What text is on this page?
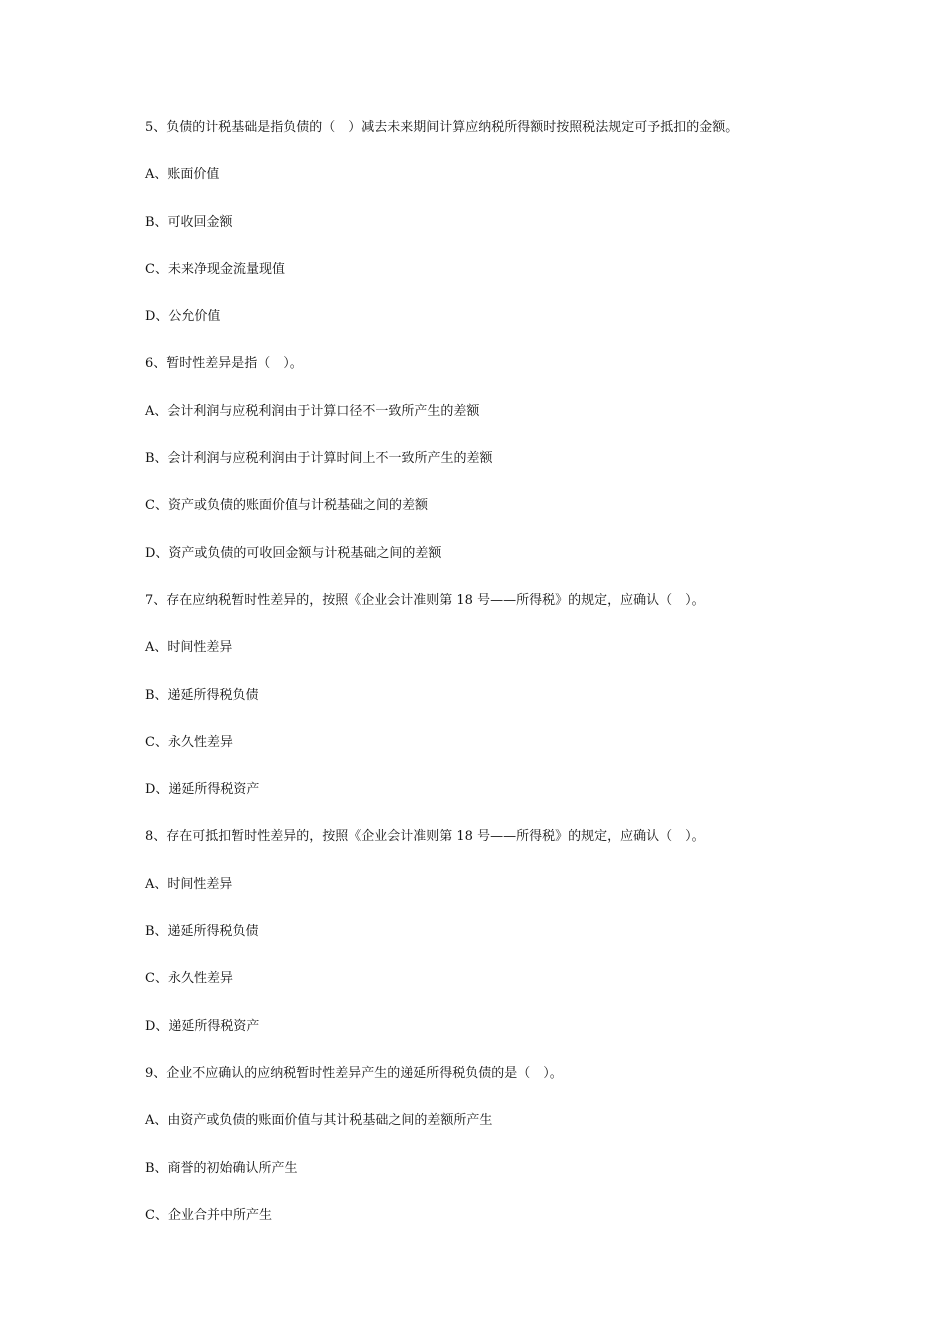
5、负债的计税基础是指负债的（　）减去未来期间计算应纳税所得额时按照税法规定可予抵扣的金额。
A、账面价值
B、可收回金额
C、未来净现金流量现值
D、公允价值
6、暂时性差异是指（　）。
A、会计利润与应税利润由于计算口径不一致所产生的差额
B、会计利润与应税利润由于计算时间上不一致所产生的差额
C、资产或负债的账面价值与计税基础之间的差额
D、资产或负债的可收回金额与计税基础之间的差额
7、存在应纳税暂时性差异的，按照《企业会计准则第 18 号——所得税》的规定，应确认（　）。
A、时间性差异
B、递延所得税负债
C、永久性差异
D、递延所得税资产
8、存在可抵扣暂时性差异的，按照《企业会计准则第 18 号——所得税》的规定，应确认（　）。
A、时间性差异
B、递延所得税负债
C、永久性差异
D、递延所得税资产
9、企业不应确认的应纳税暂时性差异产生的递延所得税负债的是（　）。
A、由资产或负债的账面价值与其计税基础之间的差额所产生
B、商誉的初始确认所产生
C、企业合并中所产生
